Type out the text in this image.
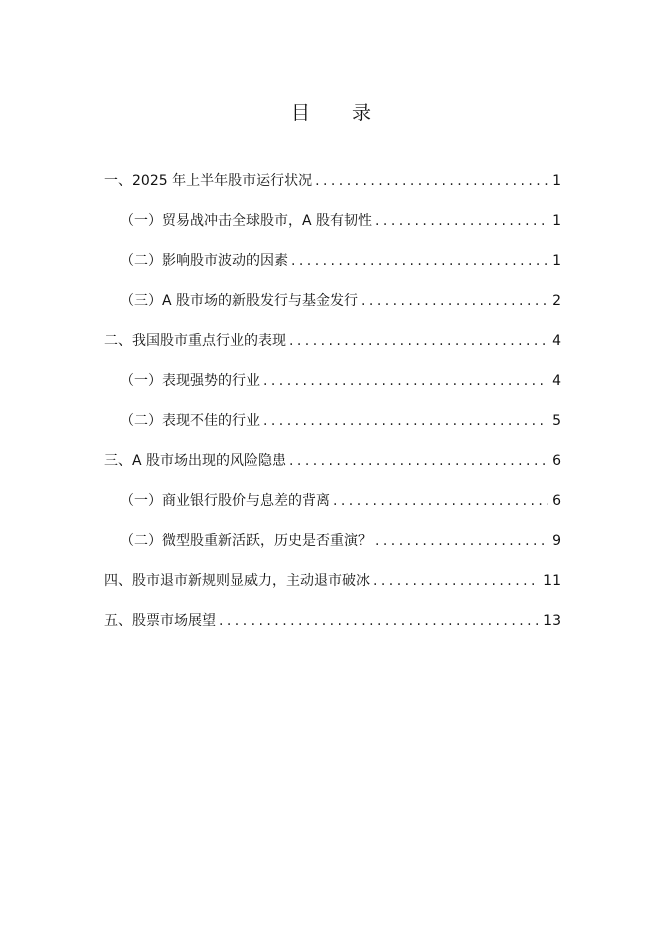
目 录
一、2025 年上半年股市运行状况 . . .	1
（一）贸易战冲击全球股市，A 股有韧性 . . .	1
（二）影响股市波动的因素 . . .	1
（三）A 股市场的新股发行与基金发行 . . .	2
二、我国股市重点行业的表现 . . .	4
（一）表现强势的行业 . . .	4
（二）表现不佳的行业 . . .	5
三、A 股市场出现的风险隐患 . . .	6
（一）商业银行股价与息差的背离 . . .	6
（二）微型股重新活跃，历史是否重演？ . . .	9
四、股市退市新规则显威力，主动退市破冰 . . .	11
五、股票市场展望 . . .	13
